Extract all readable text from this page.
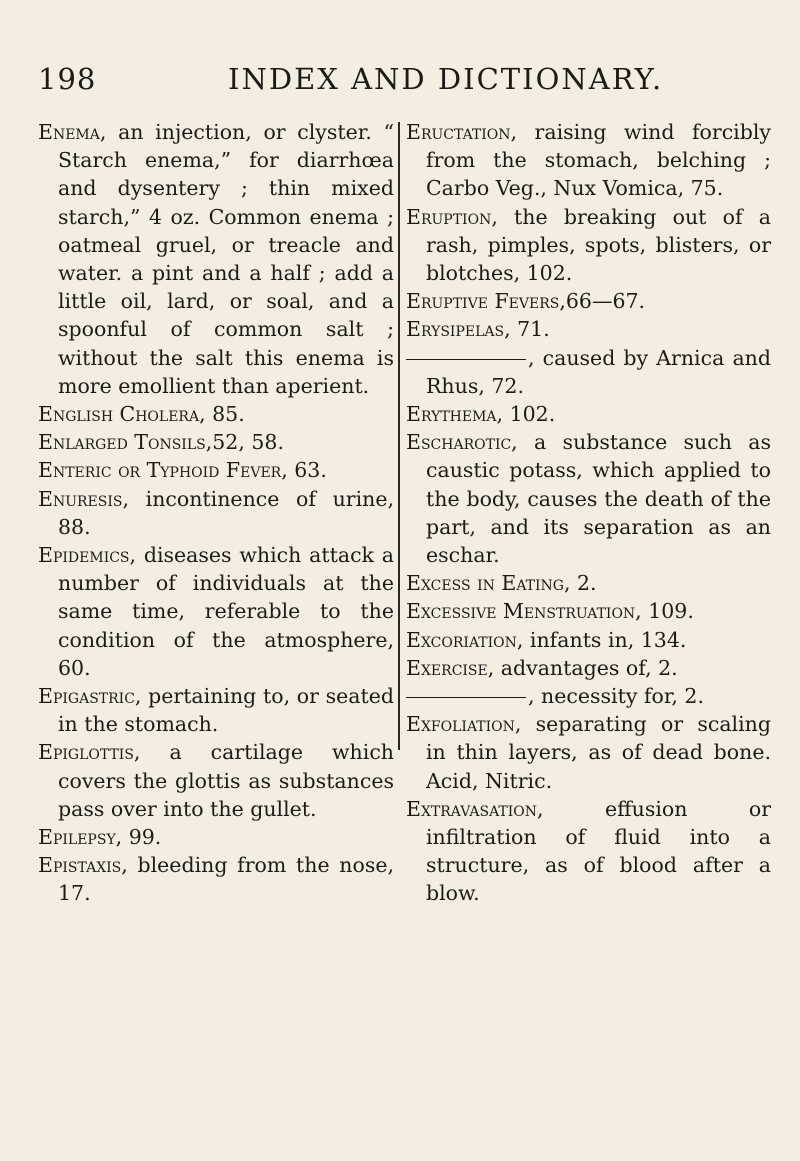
198	INDEX AND DICTIONARY.

Enema, an injection, or clyster. “ Starch enema,” for diarrhœa and dysentery ; thin mixed starch,” 4 oz. Common enema ; oatmeal gruel, or treacle and water. a pint and a half ; add a little oil, lard, or soal, and a spoonful of common salt ; without the salt this enema is more emollient than aperient.

English Cholera, 85.

Enlarged Tonsils,52, 58.

Enteric or Typhoid Fever, 63.

Enuresis, incontinence of urine, 88.

Epidemics, diseases which attack a number of individuals at the same time, referable to the condition of the atmosphere, 60.

Epigastric, pertaining to, or seated in the stomach.

Epiglottis, a cartilage which covers the glottis as substances pass over into the gullet.

Epilepsy, 99.

Epistaxis, bleeding from the nose, 17.

Eructation, raising wind forcibly from the stomach, belching ; Carbo Veg., Nux Vomica, 75.

Eruption, the breaking out of a rash, pimples, spots, blisters, or blotches, 102.

Eruptive Fevers,66—67.

Erysipelas, 71.

, caused by Arnica and Rhus, 72.

Erythema, 102.

Escharotic, a substance such as caustic potass, which applied to the body, causes the death of the part, and its separation as an eschar.

Excess in Eating, 2.

Excessive Menstruation, 109.

Excoriation, infants in, 134.

Exercise, advantages of, 2.

, necessity for, 2.

Exfoliation, separating or scaling in thin layers, as of dead bone. Acid, Nitric.

Extravasation, effusion or infiltration of fluid into a structure, as of blood after a blow.
